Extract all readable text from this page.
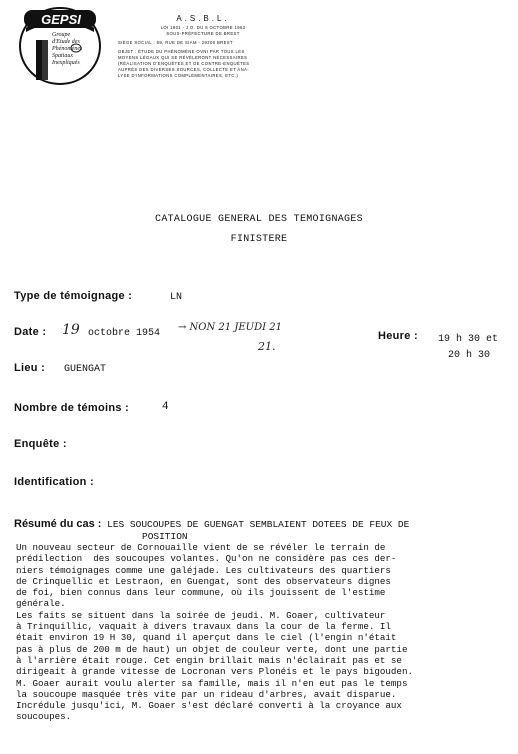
GEPSI
Groupe
d'Etude des
Phénomènes
Spatiaux
Inexpliqués
A.S.B.L.
LOI 1901 - J.O. DU 8 OCTOBRE 1963
SOUS-PRÉFECTURE DE BREST
SIÈGE SOCIAL : 69, RUE DE SIAM - 29200 BREST
OBJET : ÉTUDE DU PHÉNOMÈNE OVNI PAR TOUS LES
MOYENS LÉGAUX QUI SE RÉVÈLERONT NÉCESSAIRES
(RÉALISATION D'ENQUÊTES ET DE CONTRE-ENQUÊTES
AUPRÈS DES DIVERSES SOURCES, COLLECTE ET ANA-
LYSE D'INFORMATIONS COMPLÉMENTAIRES, ETC.)
CATALOGUE GENERAL DES TEMOIGNAGES
FINISTERE
Type de témoignage :	LN
Date : 19 octobre 1954
→ NON 21 JEUDI 21
21.
Heure : 19 h 30 et
20 h 30
Lieu : GUENGAT
Nombre de témoins :	4
Enquête :
Identification :
Résumé du cas : LES SOUCOUPES DE GUENGAT SEMBLAIENT DOTEES DE FEUX DE
POSITION

Un nouveau secteur de Cornouaille vient de se révéler le terrain de

prédilection  des soucoupes volantes. Qu'on ne considère pas ces der-

niers témoignages comme une galéjade. Les cultivateurs des quartiers

de Crinquellic et Lestraon, en Guengat, sont des observateurs dignes

de foi, bien connus dans leur commune, où ils jouissent de l'estime

générale.

Les faits se situent dans la soirée de jeudi. M. Goaer, cultivateur

à Trinquillic, vaquait à divers travaux dans la cour de la ferme. Il

était environ 19 H 30, quand il aperçut dans le ciel (l'engin n'était

pas à plus de 200 m de haut) un objet de couleur verte, dont une partie

à l'arrière était rouge. Cet engin brillait mais n'éclairait pas et se

dirigeait à grande vitesse de Locronan vers Plonéis et le pays bigouden.

M. Goaer aurait voulu alerter sa famille, mais il n'en eut pas le temps

la soucoupe masquée très vite par un rideau d'arbres, avait disparue.

Incrédule jusqu'ici, M. Goaer s'est déclaré converti à la croyance aux

soucoupes.
